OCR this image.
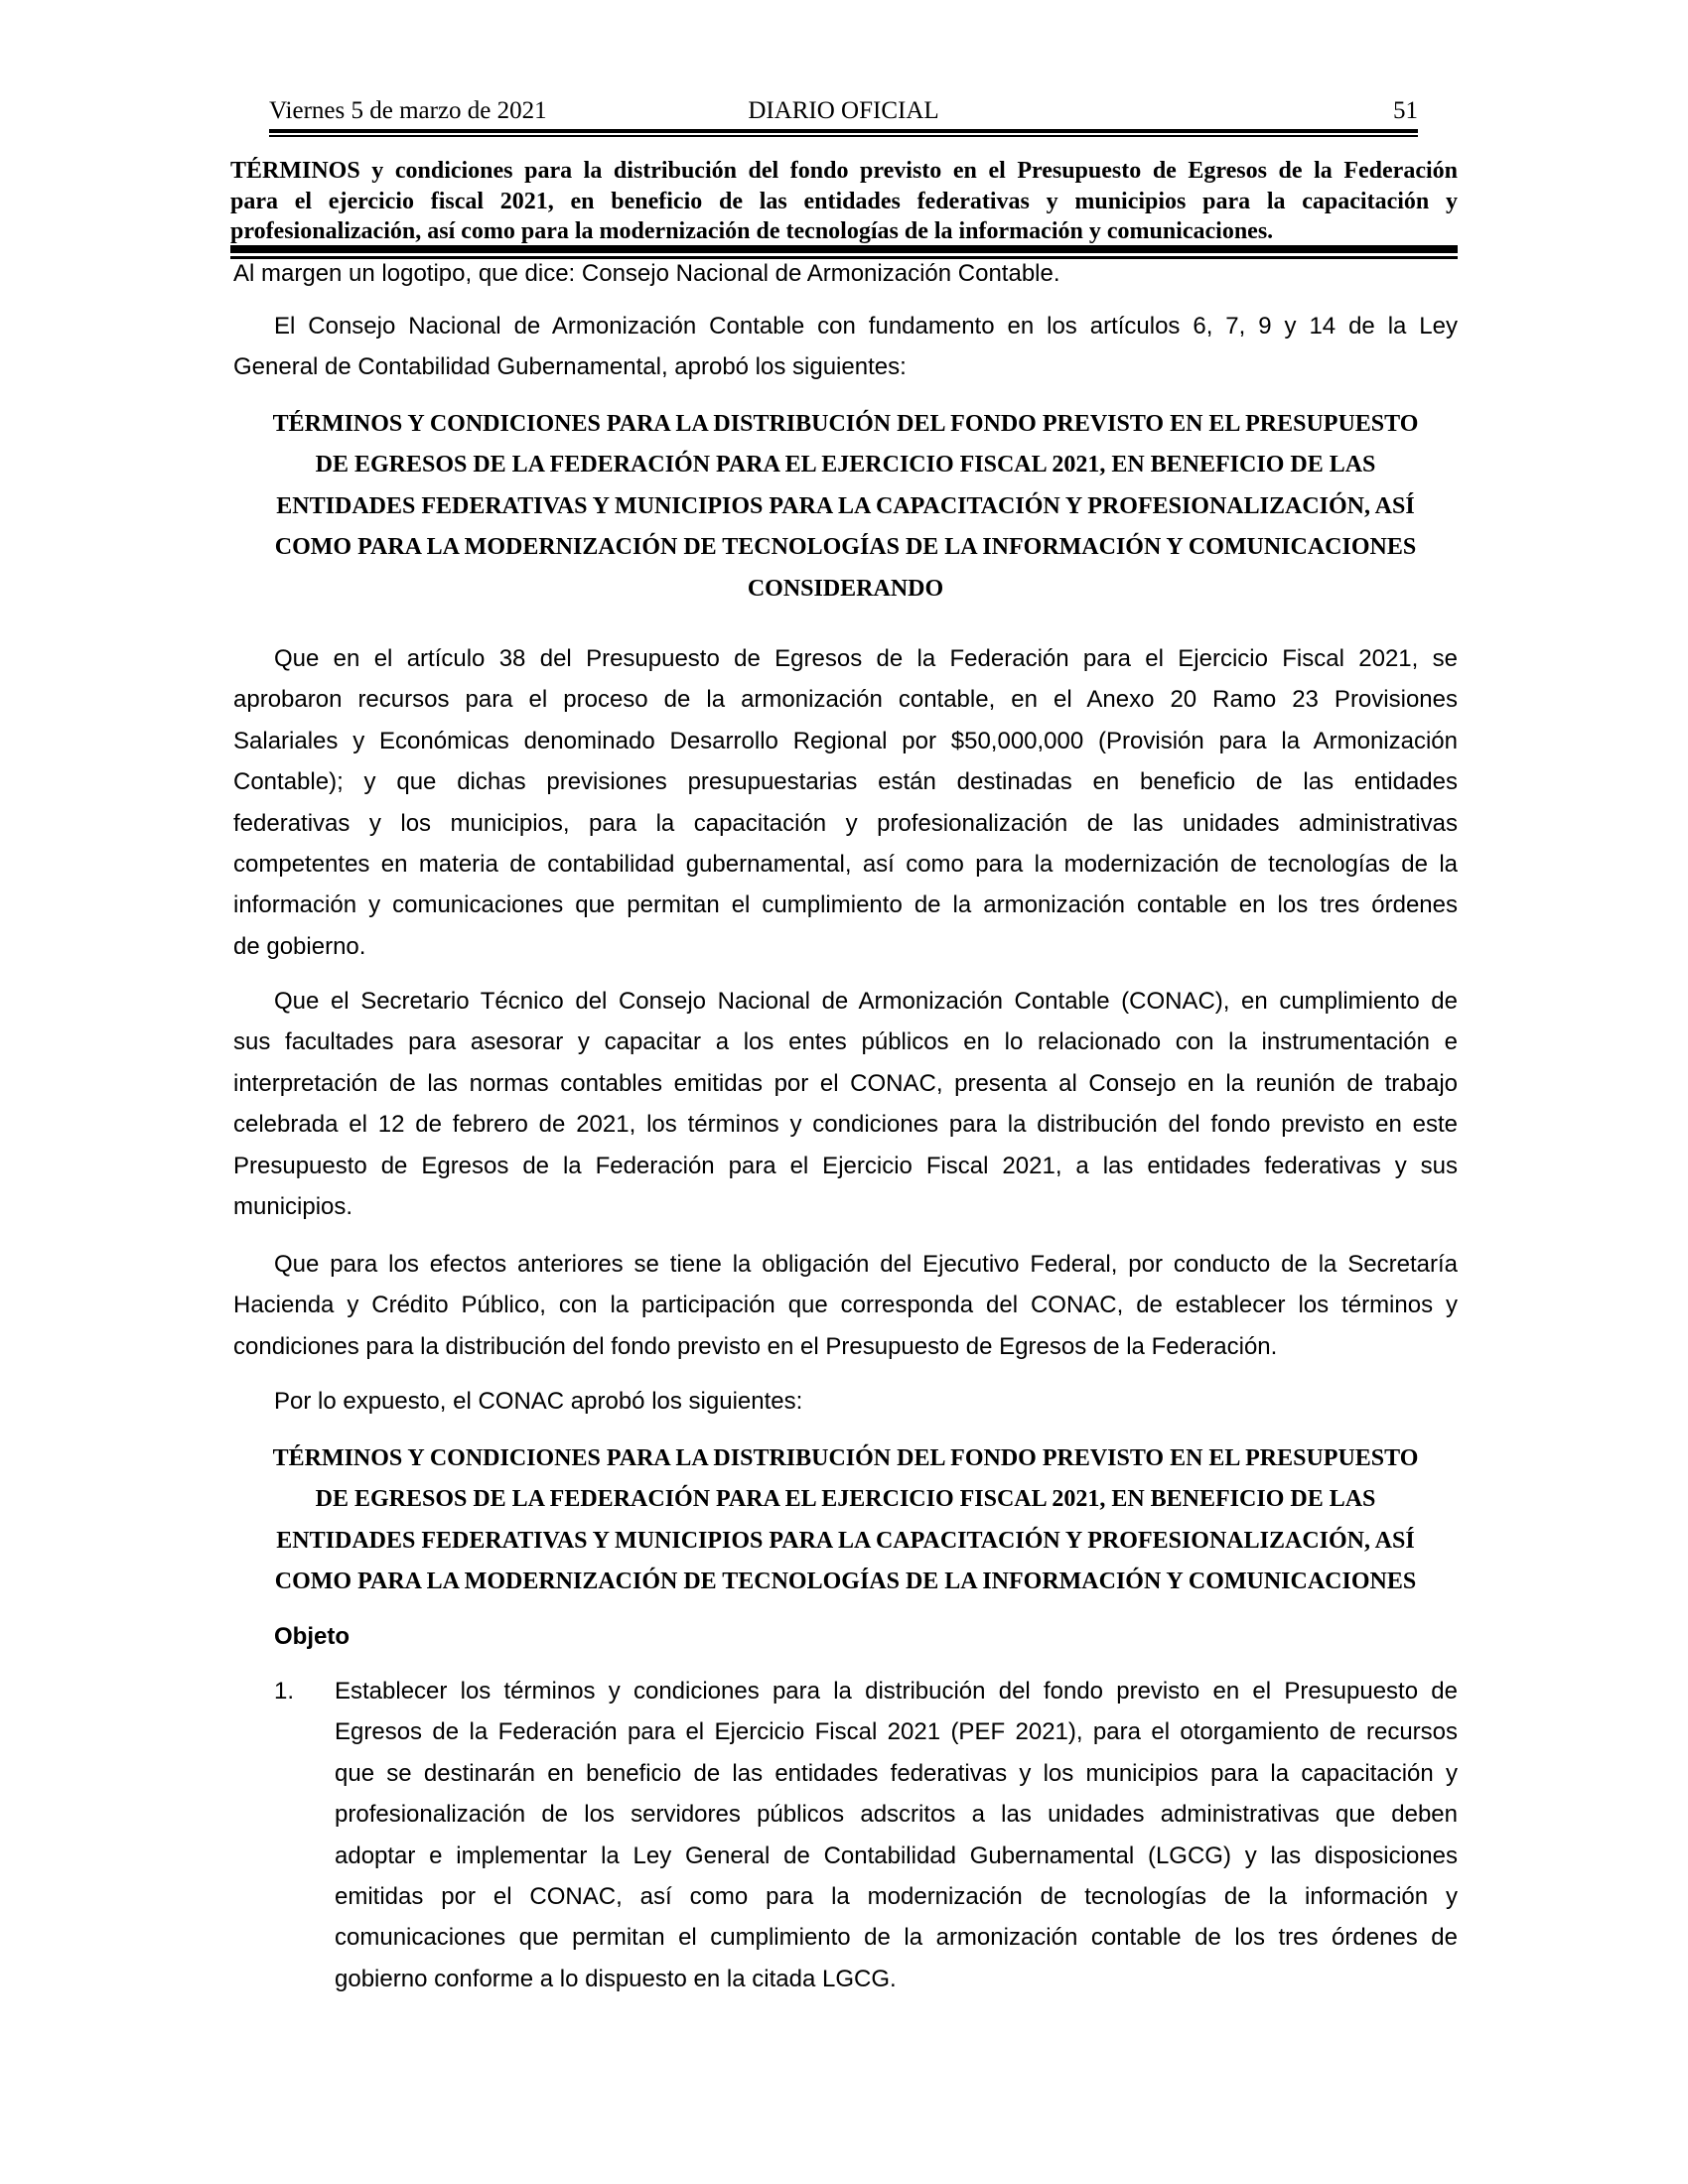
Viernes 5 de marzo de 2021	DIARIO OFICIAL	51
TÉRMINOS y condiciones para la distribución del fondo previsto en el Presupuesto de Egresos de la Federación
para el ejercicio fiscal 2021, en beneficio de las entidades federativas y municipios para la capacitación y
profesionalización, así como para la modernización de tecnologías de la información y comunicaciones.
Al margen un logotipo, que dice: Consejo Nacional de Armonización Contable.
El Consejo Nacional de Armonización Contable con fundamento en los artículos 6, 7, 9 y 14 de la Ley
General de Contabilidad Gubernamental, aprobó los siguientes:
TÉRMINOS Y CONDICIONES PARA LA DISTRIBUCIÓN DEL FONDO PREVISTO EN EL PRESUPUESTO
DE EGRESOS DE LA FEDERACIÓN PARA EL EJERCICIO FISCAL 2021, EN BENEFICIO DE LAS
ENTIDADES FEDERATIVAS Y MUNICIPIOS PARA LA CAPACITACIÓN Y PROFESIONALIZACIÓN, ASÍ
COMO PARA LA MODERNIZACIÓN DE TECNOLOGÍAS DE LA INFORMACIÓN Y COMUNICACIONES
CONSIDERANDO
Que en el artículo 38 del Presupuesto de Egresos de la Federación para el Ejercicio Fiscal 2021, se
aprobaron recursos para el proceso de la armonización contable, en el Anexo 20 Ramo 23 Provisiones
Salariales y Económicas denominado Desarrollo Regional por $50,000,000 (Provisión para la Armonización
Contable); y que dichas previsiones presupuestarias están destinadas en beneficio de las entidades
federativas y los municipios, para la capacitación y profesionalización de las unidades administrativas
competentes en materia de contabilidad gubernamental, así como para la modernización de tecnologías de la
información y comunicaciones que permitan el cumplimiento de la armonización contable en los tres órdenes
de gobierno.
Que el Secretario Técnico del Consejo Nacional de Armonización Contable (CONAC), en cumplimiento de
sus facultades para asesorar y capacitar a los entes públicos en lo relacionado con la instrumentación e
interpretación de las normas contables emitidas por el CONAC, presenta al Consejo en la reunión de trabajo
celebrada el 12 de febrero de 2021, los términos y condiciones para la distribución del fondo previsto en este
Presupuesto de Egresos de la Federación para el Ejercicio Fiscal 2021, a las entidades federativas y sus
municipios.
Que para los efectos anteriores se tiene la obligación del Ejecutivo Federal, por conducto de la Secretaría
Hacienda y Crédito Público, con la participación que corresponda del CONAC, de establecer los términos y
condiciones para la distribución del fondo previsto en el Presupuesto de Egresos de la Federación.
Por lo expuesto, el CONAC aprobó los siguientes:
TÉRMINOS Y CONDICIONES PARA LA DISTRIBUCIÓN DEL FONDO PREVISTO EN EL PRESUPUESTO
DE EGRESOS DE LA FEDERACIÓN PARA EL EJERCICIO FISCAL 2021, EN BENEFICIO DE LAS
ENTIDADES FEDERATIVAS Y MUNICIPIOS PARA LA CAPACITACIÓN Y PROFESIONALIZACIÓN, ASÍ
COMO PARA LA MODERNIZACIÓN DE TECNOLOGÍAS DE LA INFORMACIÓN Y COMUNICACIONES
Objeto
1. Establecer los términos y condiciones para la distribución del fondo previsto en el Presupuesto de
Egresos de la Federación para el Ejercicio Fiscal 2021 (PEF 2021), para el otorgamiento de recursos
que se destinarán en beneficio de las entidades federativas y los municipios para la capacitación y
profesionalización de los servidores públicos adscritos a las unidades administrativas que deben
adoptar e implementar la Ley General de Contabilidad Gubernamental (LGCG) y las disposiciones
emitidas por el CONAC, así como para la modernización de tecnologías de la información y
comunicaciones que permitan el cumplimiento de la armonización contable de los tres órdenes de
gobierno conforme a lo dispuesto en la citada LGCG.
